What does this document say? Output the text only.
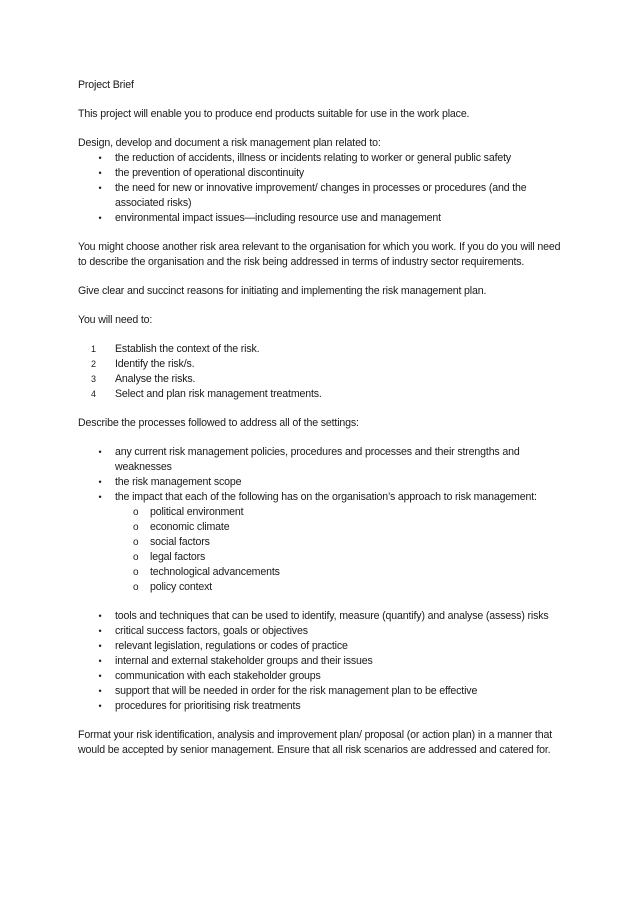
Project Brief

This project will enable you to produce end products suitable for use in the work place.

Design, develop and document a risk management plan related to:

•	the reduction of accidents, illness or incidents relating to worker or general public safety
•	the prevention of operational discontinuity
•	the need for new or innovative improvement/ changes in processes or procedures (and the associated risks)
•	environmental impact issues—including resource use and management

You might choose another risk area relevant to the organisation for which you work. If you do you will need to describe the organisation and the risk being addressed in terms of industry sector requirements.

Give clear and succinct reasons for initiating and implementing the risk management plan.

You will need to:

1 Establish the context of the risk.
2 Identify the risk/s.
3 Analyse the risks.
4 Select and plan risk management treatments.

Describe the processes followed to address all of the settings:

•	any current risk management policies, procedures and processes and their strengths and weaknesses
•	the risk management scope
•	the impact that each of the following has on the organisation’s approach to risk management:
o political environment
o economic climate
o social factors
o legal factors
o technological advancements
o policy context
•	tools and techniques that can be used to identify, measure (quantify) and analyse (assess) risks
•	critical success factors, goals or objectives
•	relevant legislation, regulations or codes of practice
•	internal and external stakeholder groups and their issues
•	communication with each stakeholder groups
•	support that will be needed in order for the risk management plan to be effective
•	procedures for prioritising risk treatments

Format your risk identification, analysis and improvement plan/ proposal (or action plan) in a manner that would be accepted by senior management. Ensure that all risk scenarios are addressed and catered for.
